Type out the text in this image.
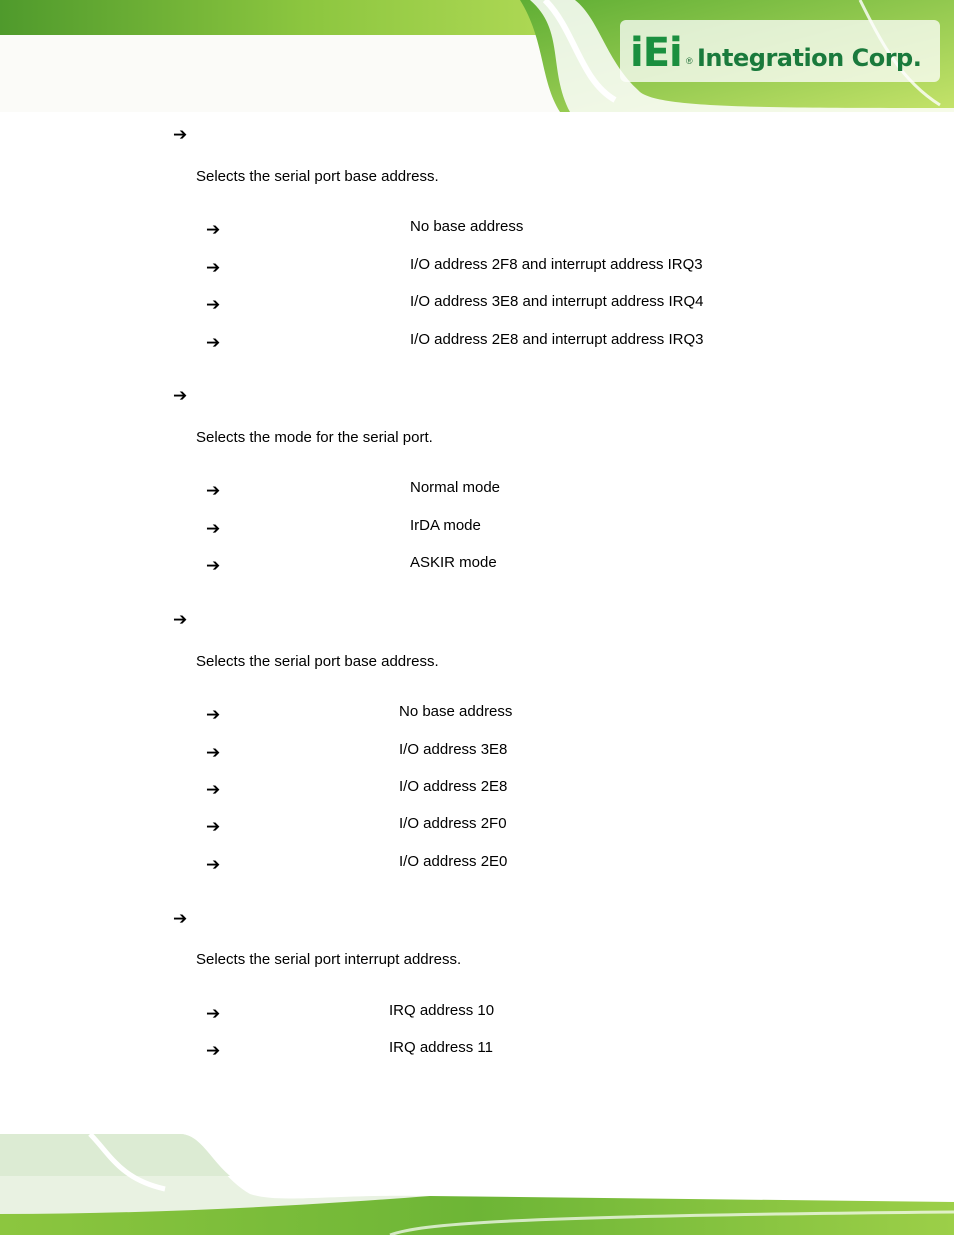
iEi ® Integration Corp.
➔
Selects the serial port base address.
➔	No base address
➔	I/O address 2F8 and interrupt address IRQ3
➔	I/O address 3E8 and interrupt address IRQ4
➔	I/O address 2E8 and interrupt address IRQ3
➔
Selects the mode for the serial port.
➔	Normal mode
➔	IrDA mode
➔	ASKIR mode
➔
Selects the serial port base address.
➔	No base address
➔	I/O address 3E8
➔	I/O address 2E8
➔	I/O address 2F0
➔	I/O address 2E0
➔
Selects the serial port interrupt address.
➔	IRQ address 10
➔	IRQ address 11
